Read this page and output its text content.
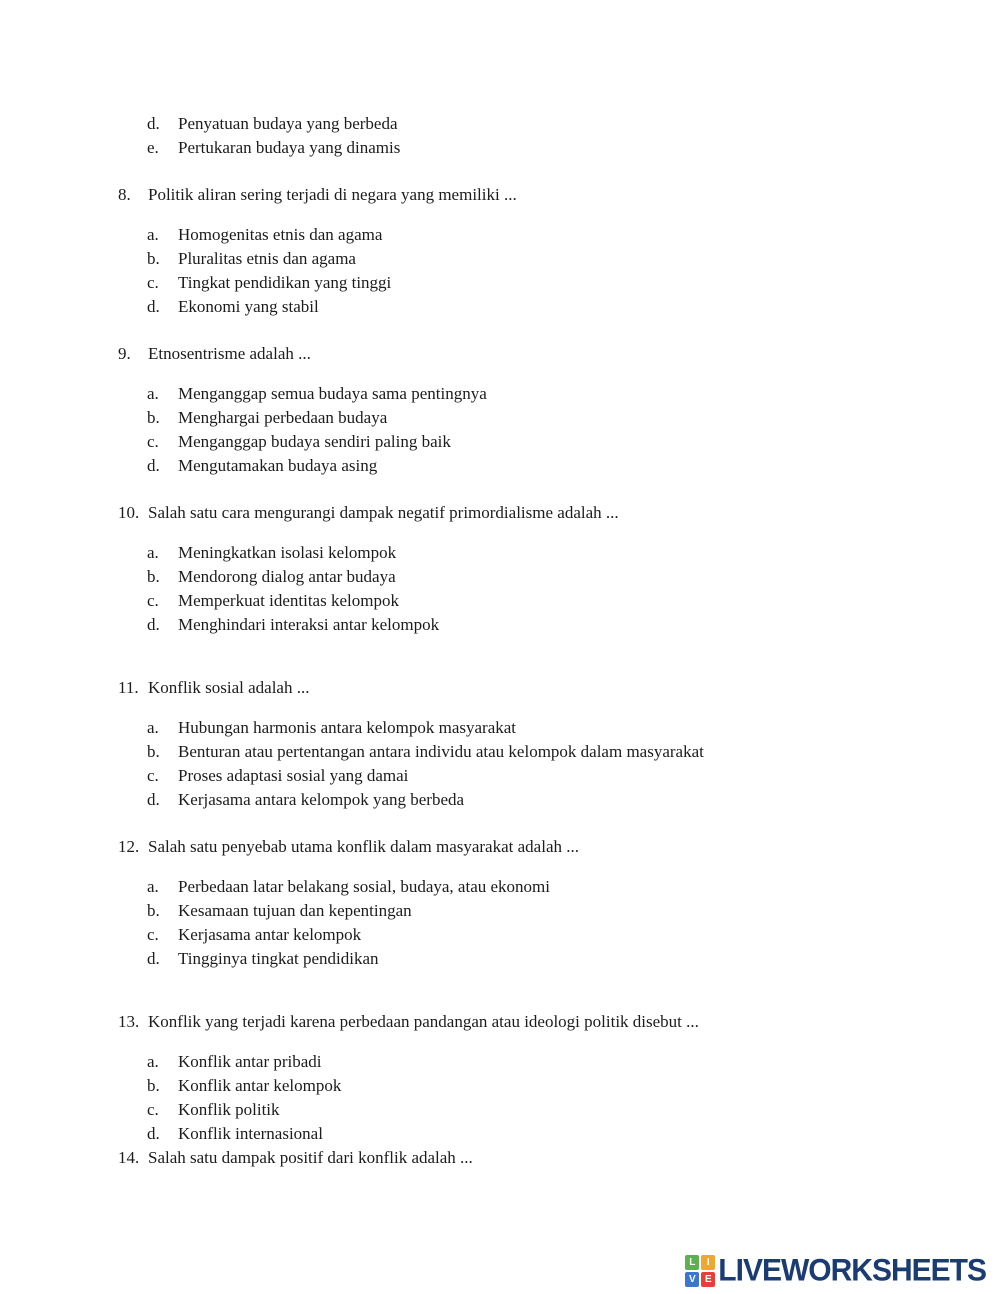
d.	Penyatuan budaya yang berbeda
e.	Pertukaran budaya yang dinamis
8.	Politik aliran sering terjadi di negara yang memiliki ...
a.	Homogenitas etnis dan agama
b.	Pluralitas etnis dan agama
c.	Tingkat pendidikan yang tinggi
d.	Ekonomi yang stabil
9.	Etnosentrisme adalah ...
a.	Menganggap semua budaya sama pentingnya
b.	Menghargai perbedaan budaya
c.	Menganggap budaya sendiri paling baik
d.	Mengutamakan budaya asing
10. Salah satu cara mengurangi dampak negatif primordialisme adalah ...
a.	Meningkatkan isolasi kelompok
b.	Mendorong dialog antar budaya
c.	Memperkuat identitas kelompok
d.	Menghindari interaksi antar kelompok
11. Konflik sosial adalah ...
a.	Hubungan harmonis antara kelompok masyarakat
b.	Benturan atau pertentangan antara individu atau kelompok dalam masyarakat
c.	Proses adaptasi sosial yang damai
d.	Kerjasama antara kelompok yang berbeda
12. Salah satu penyebab utama konflik dalam masyarakat adalah ...
a.	Perbedaan latar belakang sosial, budaya, atau ekonomi
b.	Kesamaan tujuan dan kepentingan
c.	Kerjasama antar kelompok
d.	Tingginya tingkat pendidikan
13. Konflik yang terjadi karena perbedaan pandangan atau ideologi politik disebut ...
a.	Konflik antar pribadi
b.	Konflik antar kelompok
c.	Konflik politik
d.	Konflik internasional
14. Salah satu dampak positif dari konflik adalah ...
L	I
V E LIVEWORKSHEETS
